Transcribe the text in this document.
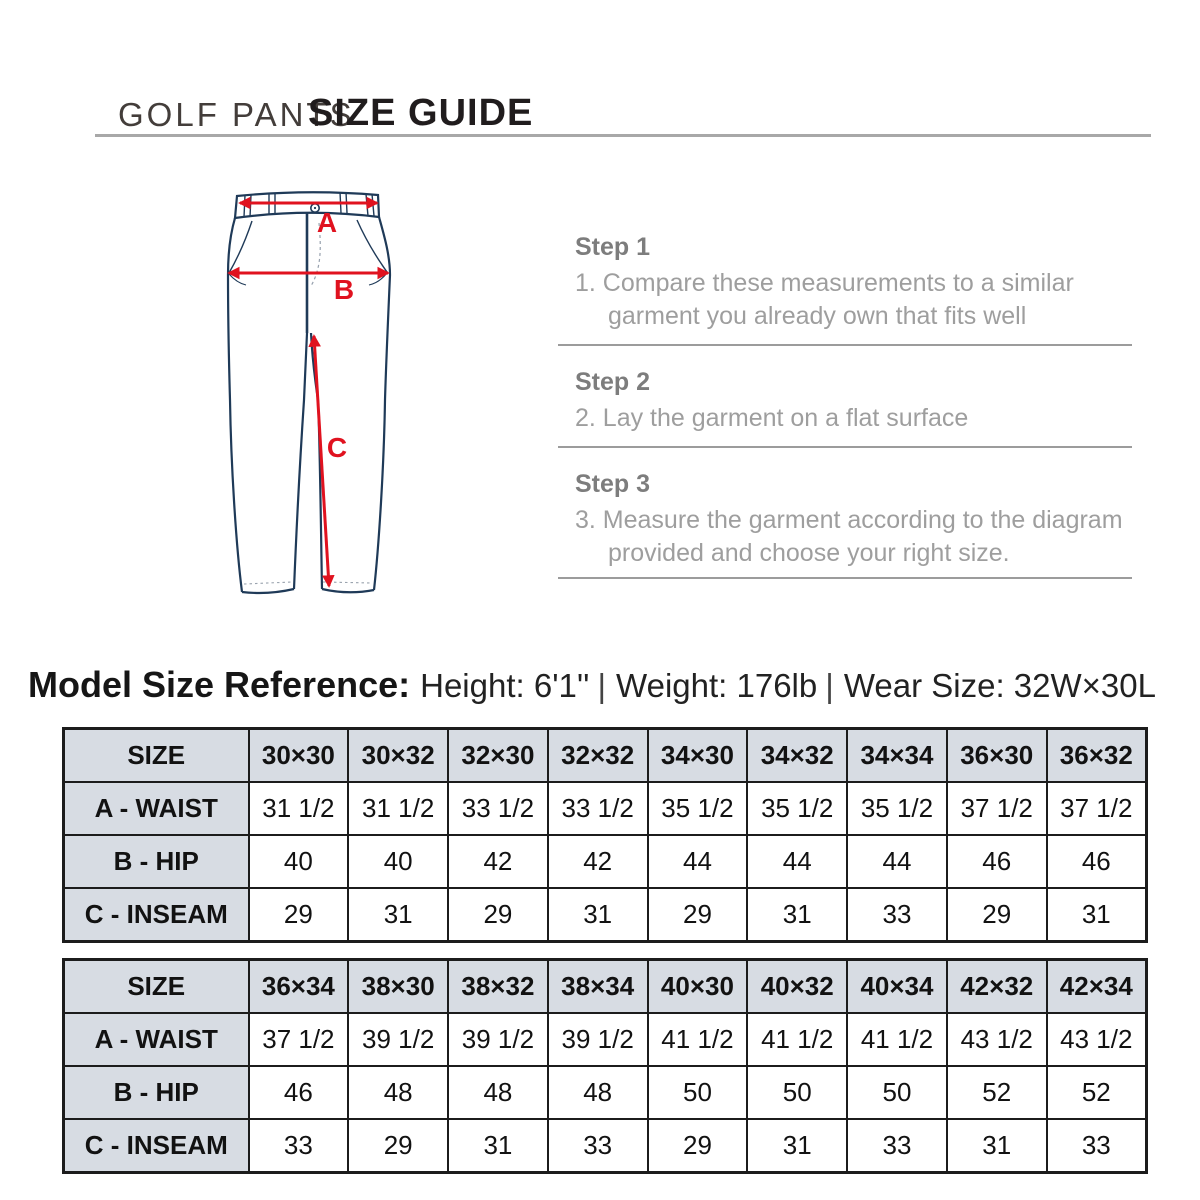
GOLF PANTS
SIZE GUIDE
A
B
C
Step 1
1. Compare these measurements to a similar garment you already own that fits well
Step 2
2. Lay the garment on a flat surface
Step 3
3. Measure the garment according to the diagram provided and choose your right size.
Model Size Reference: Height: 6'1'' | Weight: 176lb | Wear Size: 32W×30L
SIZE	30×30	30×32	32×30	32×32	34×30	34×32	34×34	36×30	36×32
A - WAIST	31 1/2	31 1/2	33 1/2	33 1/2	35 1/2	35 1/2	35 1/2	37 1/2	37 1/2
B - HIP	40	40	42	42	44	44	44	46	46
C - INSEAM	29	31	29	31	29	31	33	29	31
SIZE	36×34	38×30	38×32	38×34	40×30	40×32	40×34	42×32	42×34
A - WAIST	37 1/2	39 1/2	39 1/2	39 1/2	41 1/2	41 1/2	41 1/2	43 1/2	43 1/2
B - HIP	46	48	48	48	50	50	50	52	52
C - INSEAM	33	29	31	33	29	31	33	31	33
